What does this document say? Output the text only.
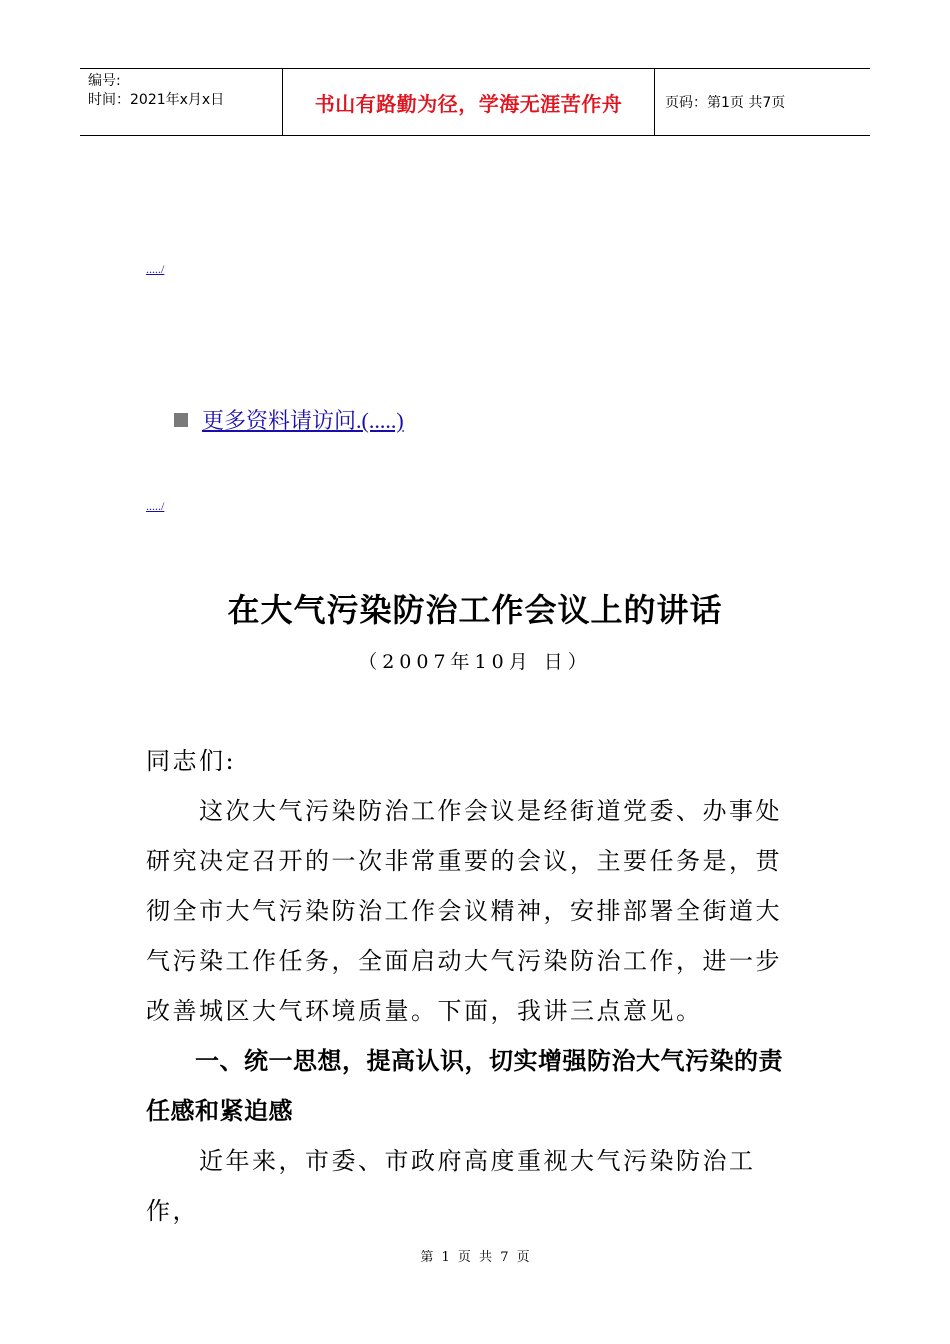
编号:
时间：2021年x月x日	书山有路勤为径，学海无涯苦作舟	页码：第1页 共7页
...../
更多资料请访问.(.....)
...../
在大气污染防治工作会议上的讲话
（2007年10月 日）
同志们:
　　这次大气污染防治工作会议是经街道党委、办事处研究决定召开的一次非常重要的会议，主要任务是，贯彻全市大气污染防治工作会议精神，安排部署全街道大气污染工作任务，全面启动大气污染防治工作，进一步改善城区大气环境质量。下面，我讲三点意见。
　　一、统一思想，提高认识，切实增强防治大气污染的责任感和紧迫感
　　近年来，市委、市政府高度重视大气污染防治工作，
第 1 页 共 7 页
